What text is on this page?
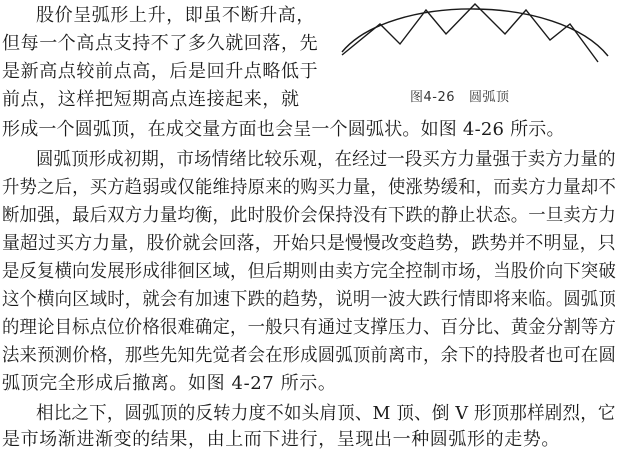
图4-26 圆弧顶
股价呈弧形上升，即虽不断升高，
但每一个高点支持不了多久就回落，先
是新高点较前点高，后是回升点略低于
前点，这样把短期高点连接起来，就
形成一个圆弧顶，在成交量方面也会呈一个圆弧状。如图 4-26 所示。
圆弧顶形成初期，市场情绪比较乐观，在经过一段买方力量强于卖方力量的
升势之后，买方趋弱或仅能维持原来的购买力量，使涨势缓和，而卖方力量却不
断加强，最后双方力量均衡，此时股价会保持没有下跌的静止状态。一旦卖方力
量超过买方力量，股价就会回落，开始只是慢慢改变趋势，跌势并不明显，只
是反复横向发展形成徘徊区域，但后期则由卖方完全控制市场，当股价向下突破
这个横向区域时，就会有加速下跌的趋势，说明一波大跌行情即将来临。圆弧顶
的理论目标点位价格很难确定，一般只有通过支撑压力、百分比、黄金分割等方
法来预测价格，那些先知先觉者会在形成圆弧顶前离市，余下的持股者也可在圆
弧顶完全形成后撤离。如图 4-27 所示。
相比之下，圆弧顶的反转力度不如头肩顶、M 顶、倒 V 形顶那样剧烈，它
是市场渐进渐变的结果，由上而下进行，呈现出一种圆弧形的走势。
